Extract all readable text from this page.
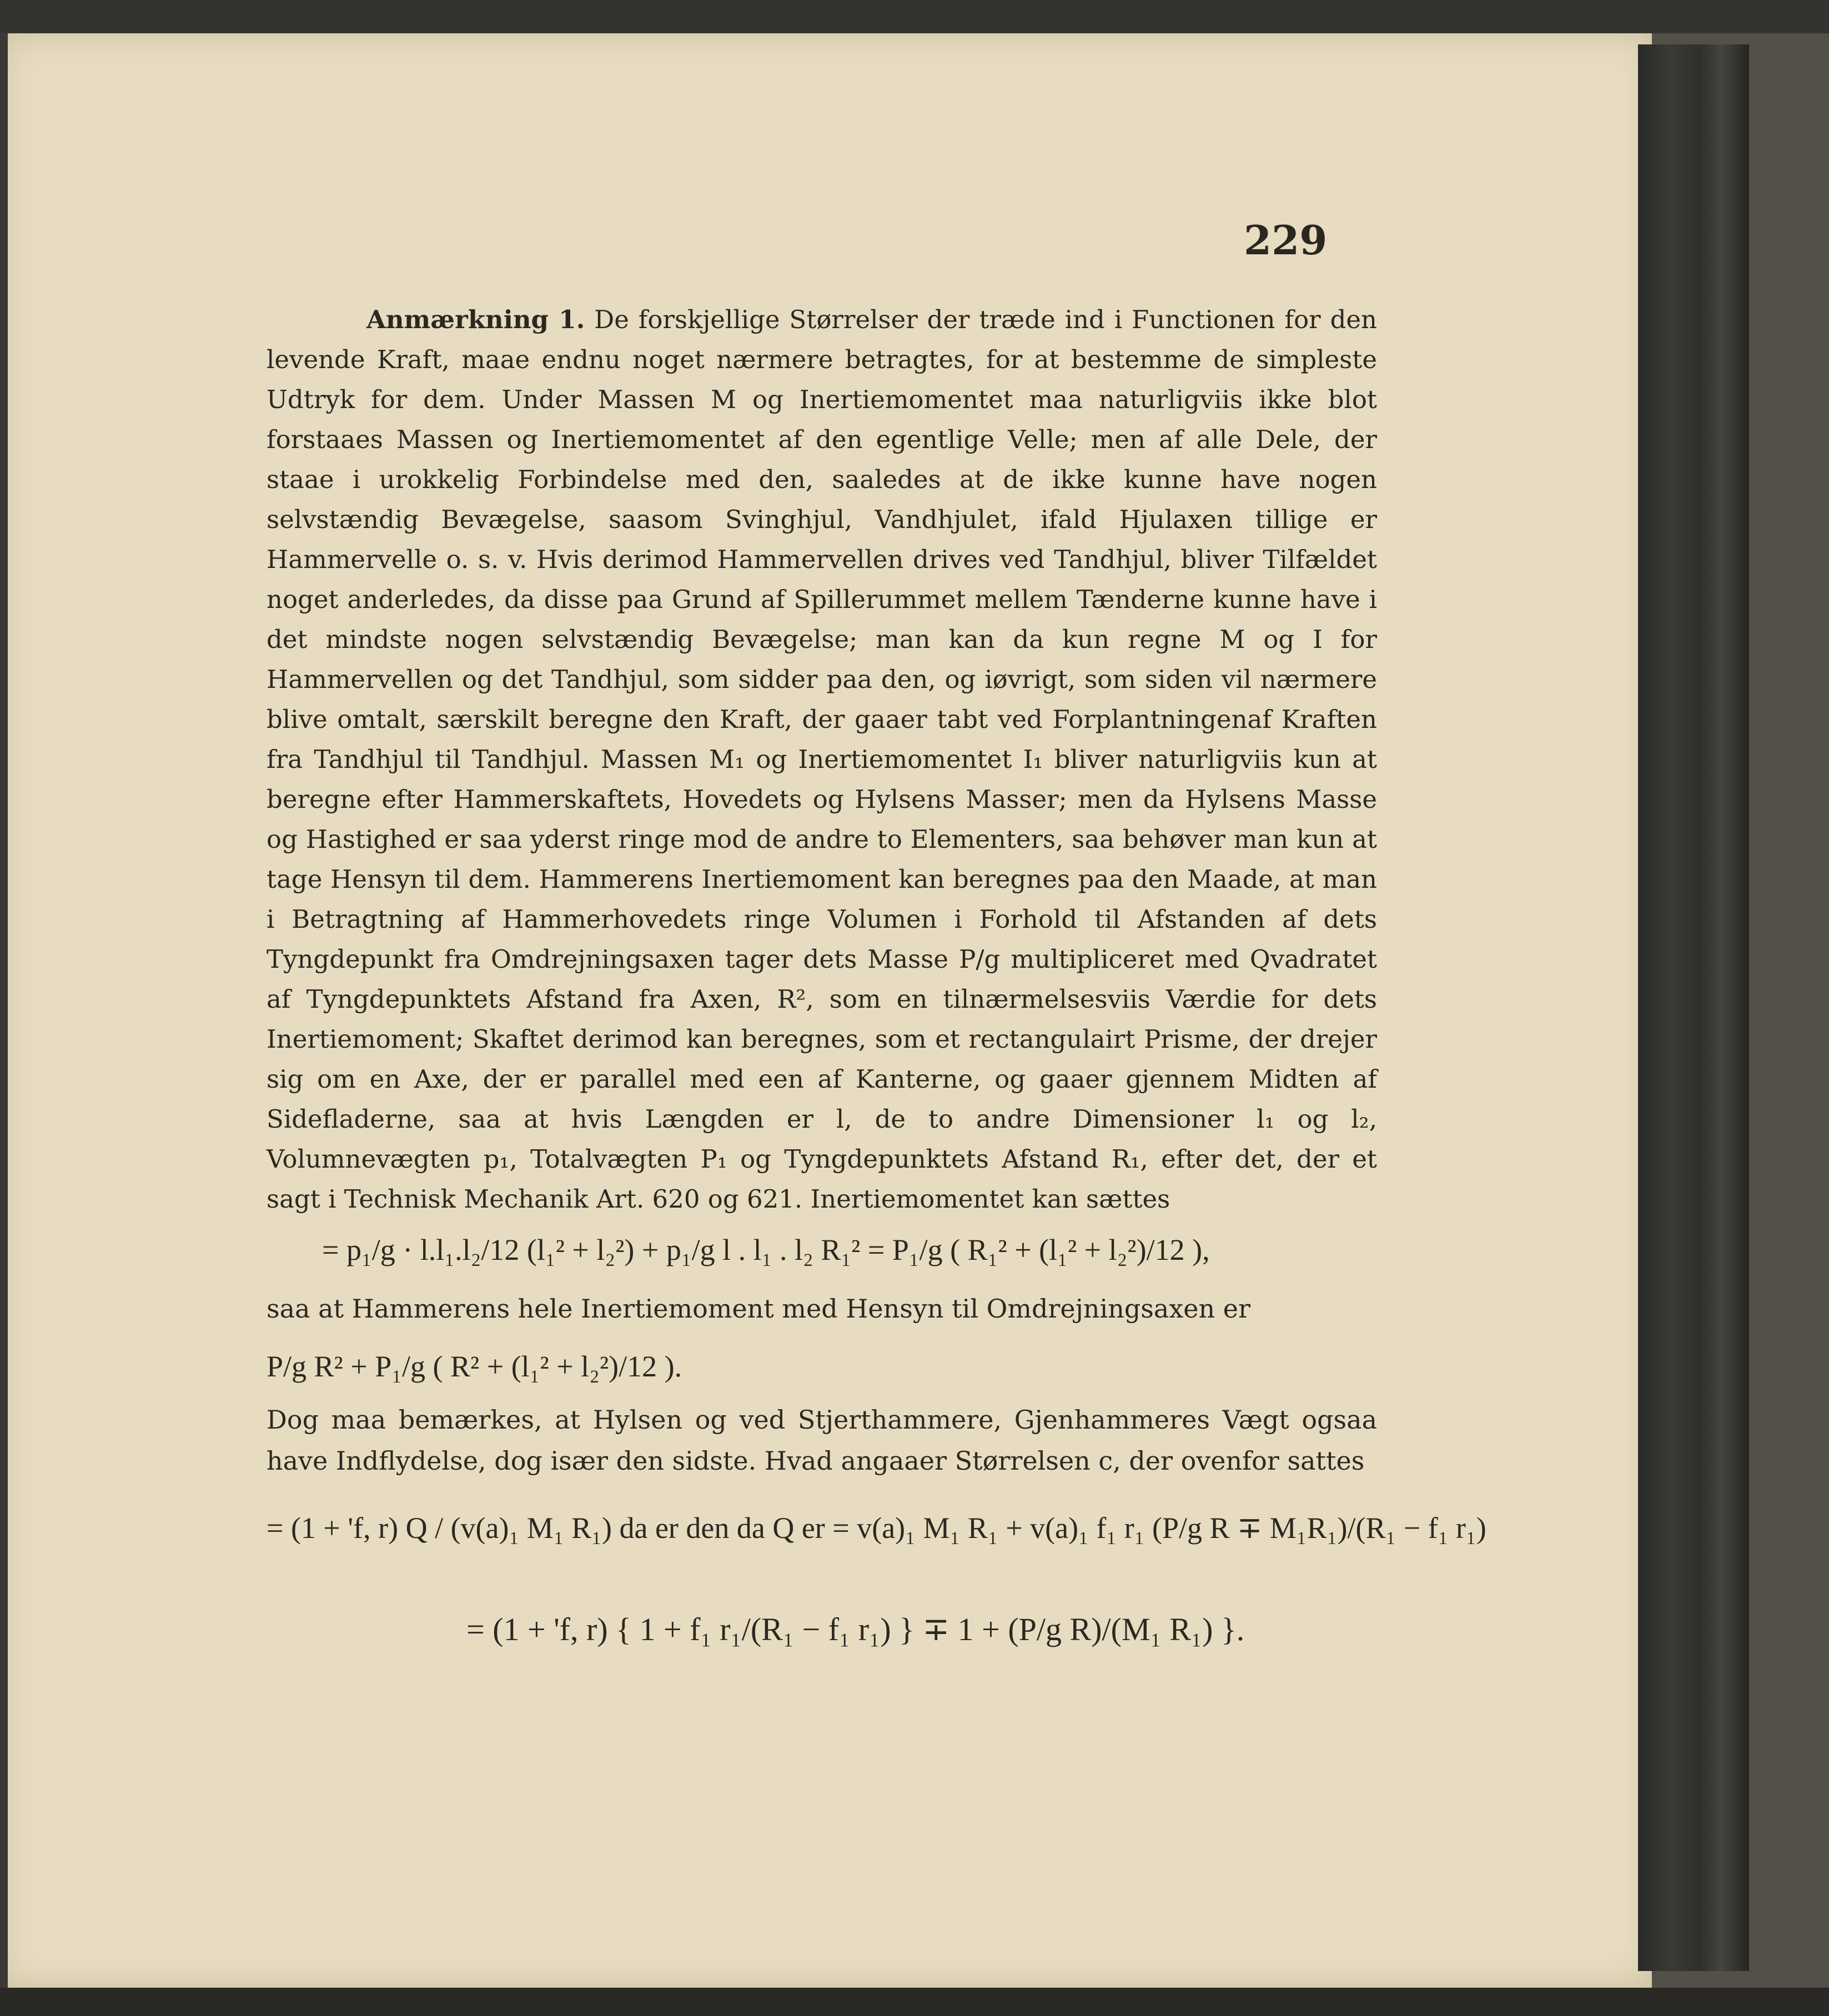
229

Anmærkning 1. De forskjellige Størrelser der træde ind i Functionen for den levende Kraft, maae endnu noget nærmere betragtes, for at bestemme de simpleste Udtryk for dem. Under Massen M og Inertiemomentet maa naturligviis ikke blot forstaaes Massen og Inertiemomentet af den egentlige Velle; men af alle Dele, der staae i urokkelig Forbindelse med den, saaledes at de ikke kunne have nogen selvstændig Bevægelse, saasom Svinghjul, Vandhjulet, ifald Hjulaxen tillige er Hammervelle o. s. v. Hvis derimod Hammervellen drives ved Tandhjul, bliver Tilfældet noget anderledes, da disse paa Grund af Spillerummet mellem Tænderne kunne have i det mindste nogen selvstændig Bevægelse; man kan da kun regne M og I for Hammervellen og det Tandhjul, som sidder paa den, og iøvrigt, som siden vil nærmere blive omtalt, særskilt beregne den Kraft, der gaaer tabt ved Forplantningenaf Kraften fra Tandhjul til Tandhjul. Massen M₁ og Inertiemomentet I₁ bliver naturligviis kun at beregne efter Hammerskaftets, Hovedets og Hylsens Masser; men da Hylsens Masse og Hastighed er saa yderst ringe mod de andre to Elementers, saa behøver man kun at tage Hensyn til dem. Hammerens Inertiemoment kan beregnes paa den Maade, at man i Betragtning af Hammerhovedets ringe Volumen i Forhold til Afstanden af dets Tyngdepunkt fra Omdrejningsaxen tager dets Masse P/g multipliceret med Qvadratet af Tyngdepunktets Afstand fra Axen, R², som en tilnærmelsesviis Værdie for dets Inertiemoment; Skaftet derimod kan beregnes, som et rectangulairt Prisme, der drejer sig om en Axe, der er parallel med een af Kanterne, og gaaer gjennem Midten af Sidefladerne, saa at hvis Længden er l, de to andre Dimensioner l₁ og l₂, Volumnevægten p₁, Totalvægten P₁ og Tyngdepunktets Afstand R₁, efter det, der et sagt i Technisk Mechanik Art. 620 og 621. Inertiemomentet kan sættes

= p₁/g · l.l₁.l₂/12 (l₁² + l₂²) + p₁/g l . l₁ . l₂ R₁² = P₁/g ( R₁² + (l₁² + l₂²)/12 ),
saa at Hammerens hele Inertiemoment med Hensyn til Omdrejningsaxen er
P/g R² + P₁/g ( R² + (l₁² + l₂²)/12 ).
Dog maa bemærkes, at Hylsen og ved Stjerthammere, Gjenhammeres Vægt ogsaa have Indflydelse, dog især den sidste. Hvad angaaer Størrelsen c, der ovenfor sattes
= (1 + 'f, r) Q / (v(a)₁ M₁ R₁) da er den da Q er = v(a)₁ M₁ R₁ + v(a)₁ f₁ r₁ (P/g R ∓ M₁R₁)/(R₁ − f₁ r₁)
= (1 + 'f, r) { 1 + f₁ r₁/(R₁ − f₁ r₁) } ∓ 1 + (P/g R)/(M₁ R₁) }.
